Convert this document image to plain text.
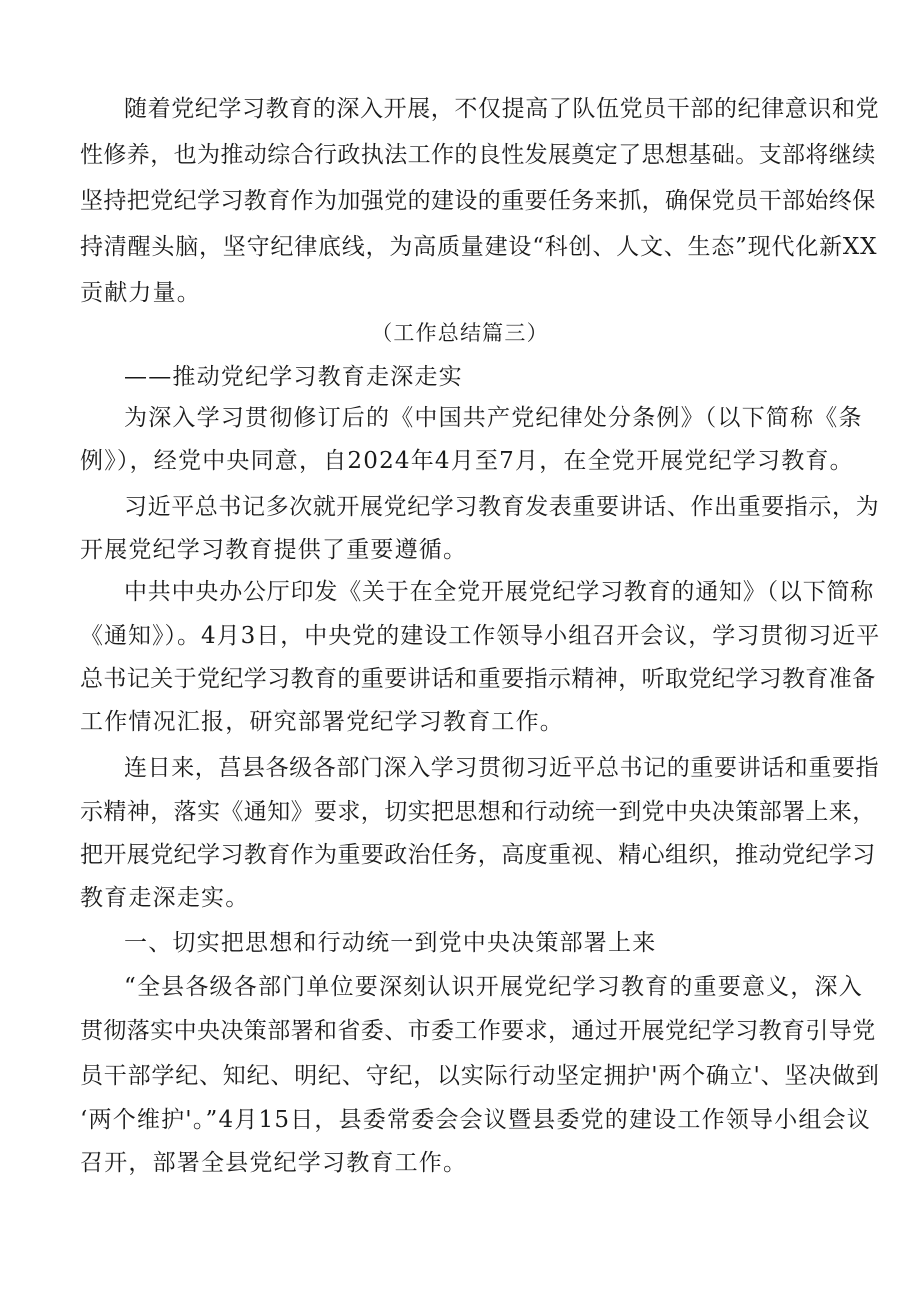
随着党纪学习教育的深入开展，不仅提高了队伍党员干部的纪律意识和党
性修养，也为推动综合行政执法工作的良性发展奠定了思想基础。支部将继续
坚持把党纪学习教育作为加强党的建设的重要任务来抓，确保党员干部始终保
持清醒头脑，坚守纪律底线，为高质量建设“科创、人文、生态”现代化新XX
贡献力量。
（工作总结篇三）
——推动党纪学习教育走深走实
为深入学习贯彻修订后的《中国共产党纪律处分条例》（以下简称《条
例》），经党中央同意，自2024年4月至7月，在全党开展党纪学习教育。
习近平总书记多次就开展党纪学习教育发表重要讲话、作出重要指示，为
开展党纪学习教育提供了重要遵循。
中共中央办公厅印发《关于在全党开展党纪学习教育的通知》（以下简称
《通知》）。4月3日，中央党的建设工作领导小组召开会议，学习贯彻习近平
总书记关于党纪学习教育的重要讲话和重要指示精神，听取党纪学习教育准备
工作情况汇报，研究部署党纪学习教育工作。
连日来，莒县各级各部门深入学习贯彻习近平总书记的重要讲话和重要指
示精神，落实《通知》要求，切实把思想和行动统一到党中央决策部署上来，
把开展党纪学习教育作为重要政治任务，高度重视、精心组织，推动党纪学习
教育走深走实。
一、切实把思想和行动统一到党中央决策部署上来
“全县各级各部门单位要深刻认识开展党纪学习教育的重要意义，深入
贯彻落实中央决策部署和省委、市委工作要求，通过开展党纪学习教育引导党
员干部学纪、知纪、明纪、守纪，以实际行动坚定拥护'两个确立'、坚决做到
‘两个维护'。”4月15日，县委常委会会议暨县委党的建设工作领导小组会议
召开，部署全县党纪学习教育工作。
